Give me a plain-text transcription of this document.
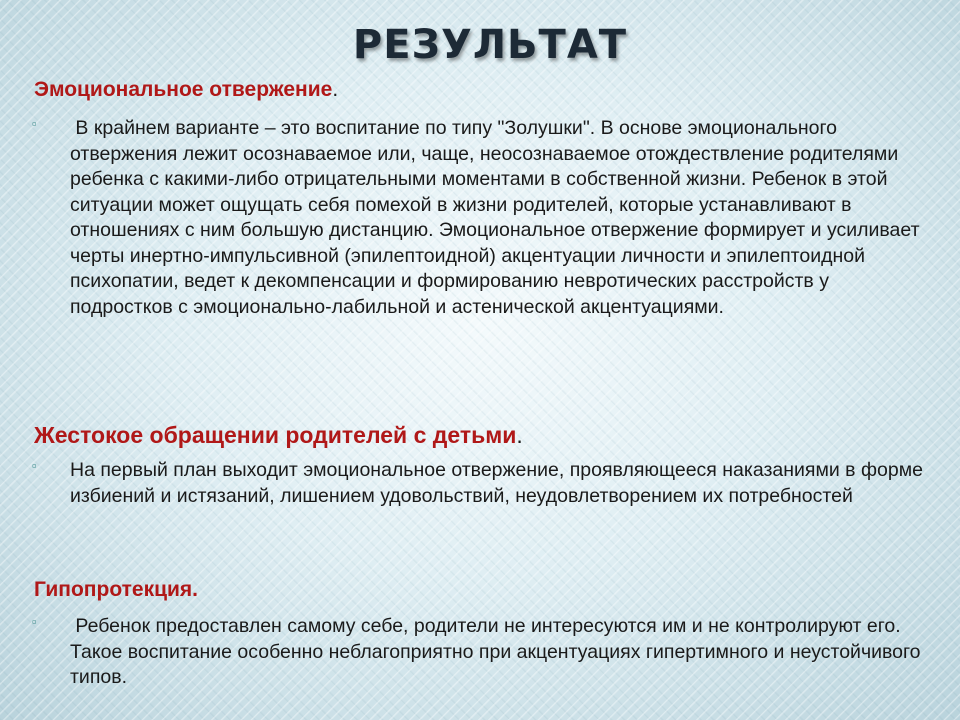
РЕЗУЛЬТАТ

Эмоциональное отвержение.

▫ В крайнем варианте – это воспитание по типу "Золушки". В основе эмоционального отвержения лежит осознаваемое или, чаще, неосознаваемое отождествление родителями ребенка с какими-либо отрицательными моментами в собственной жизни. Ребенок в этой ситуации может ощущать себя помехой в жизни родителей, которые устанавливают в отношениях с ним большую дистанцию. Эмоциональное отвержение формирует и усиливает черты инертно-импульсивной (эпилептоидной) акцентуации личности и эпилептоидной психопатии, ведет к декомпенсации и формированию невротических расстройств у подростков с эмоционально-лабильной и астенической акцентуациями.

Жестокое обращении родителей с детьми.

▫ На первый план выходит эмоциональное отвержение, проявляющееся наказаниями в форме избиений и истязаний, лишением удовольствий, неудовлетворением их потребностей

Гипопротекция.

▫ Ребенок предоставлен самому себе, родители не интересуются им и не контролируют его. Такое воспитание особенно неблагоприятно при акцентуациях гипертимного и неустойчивого типов.
